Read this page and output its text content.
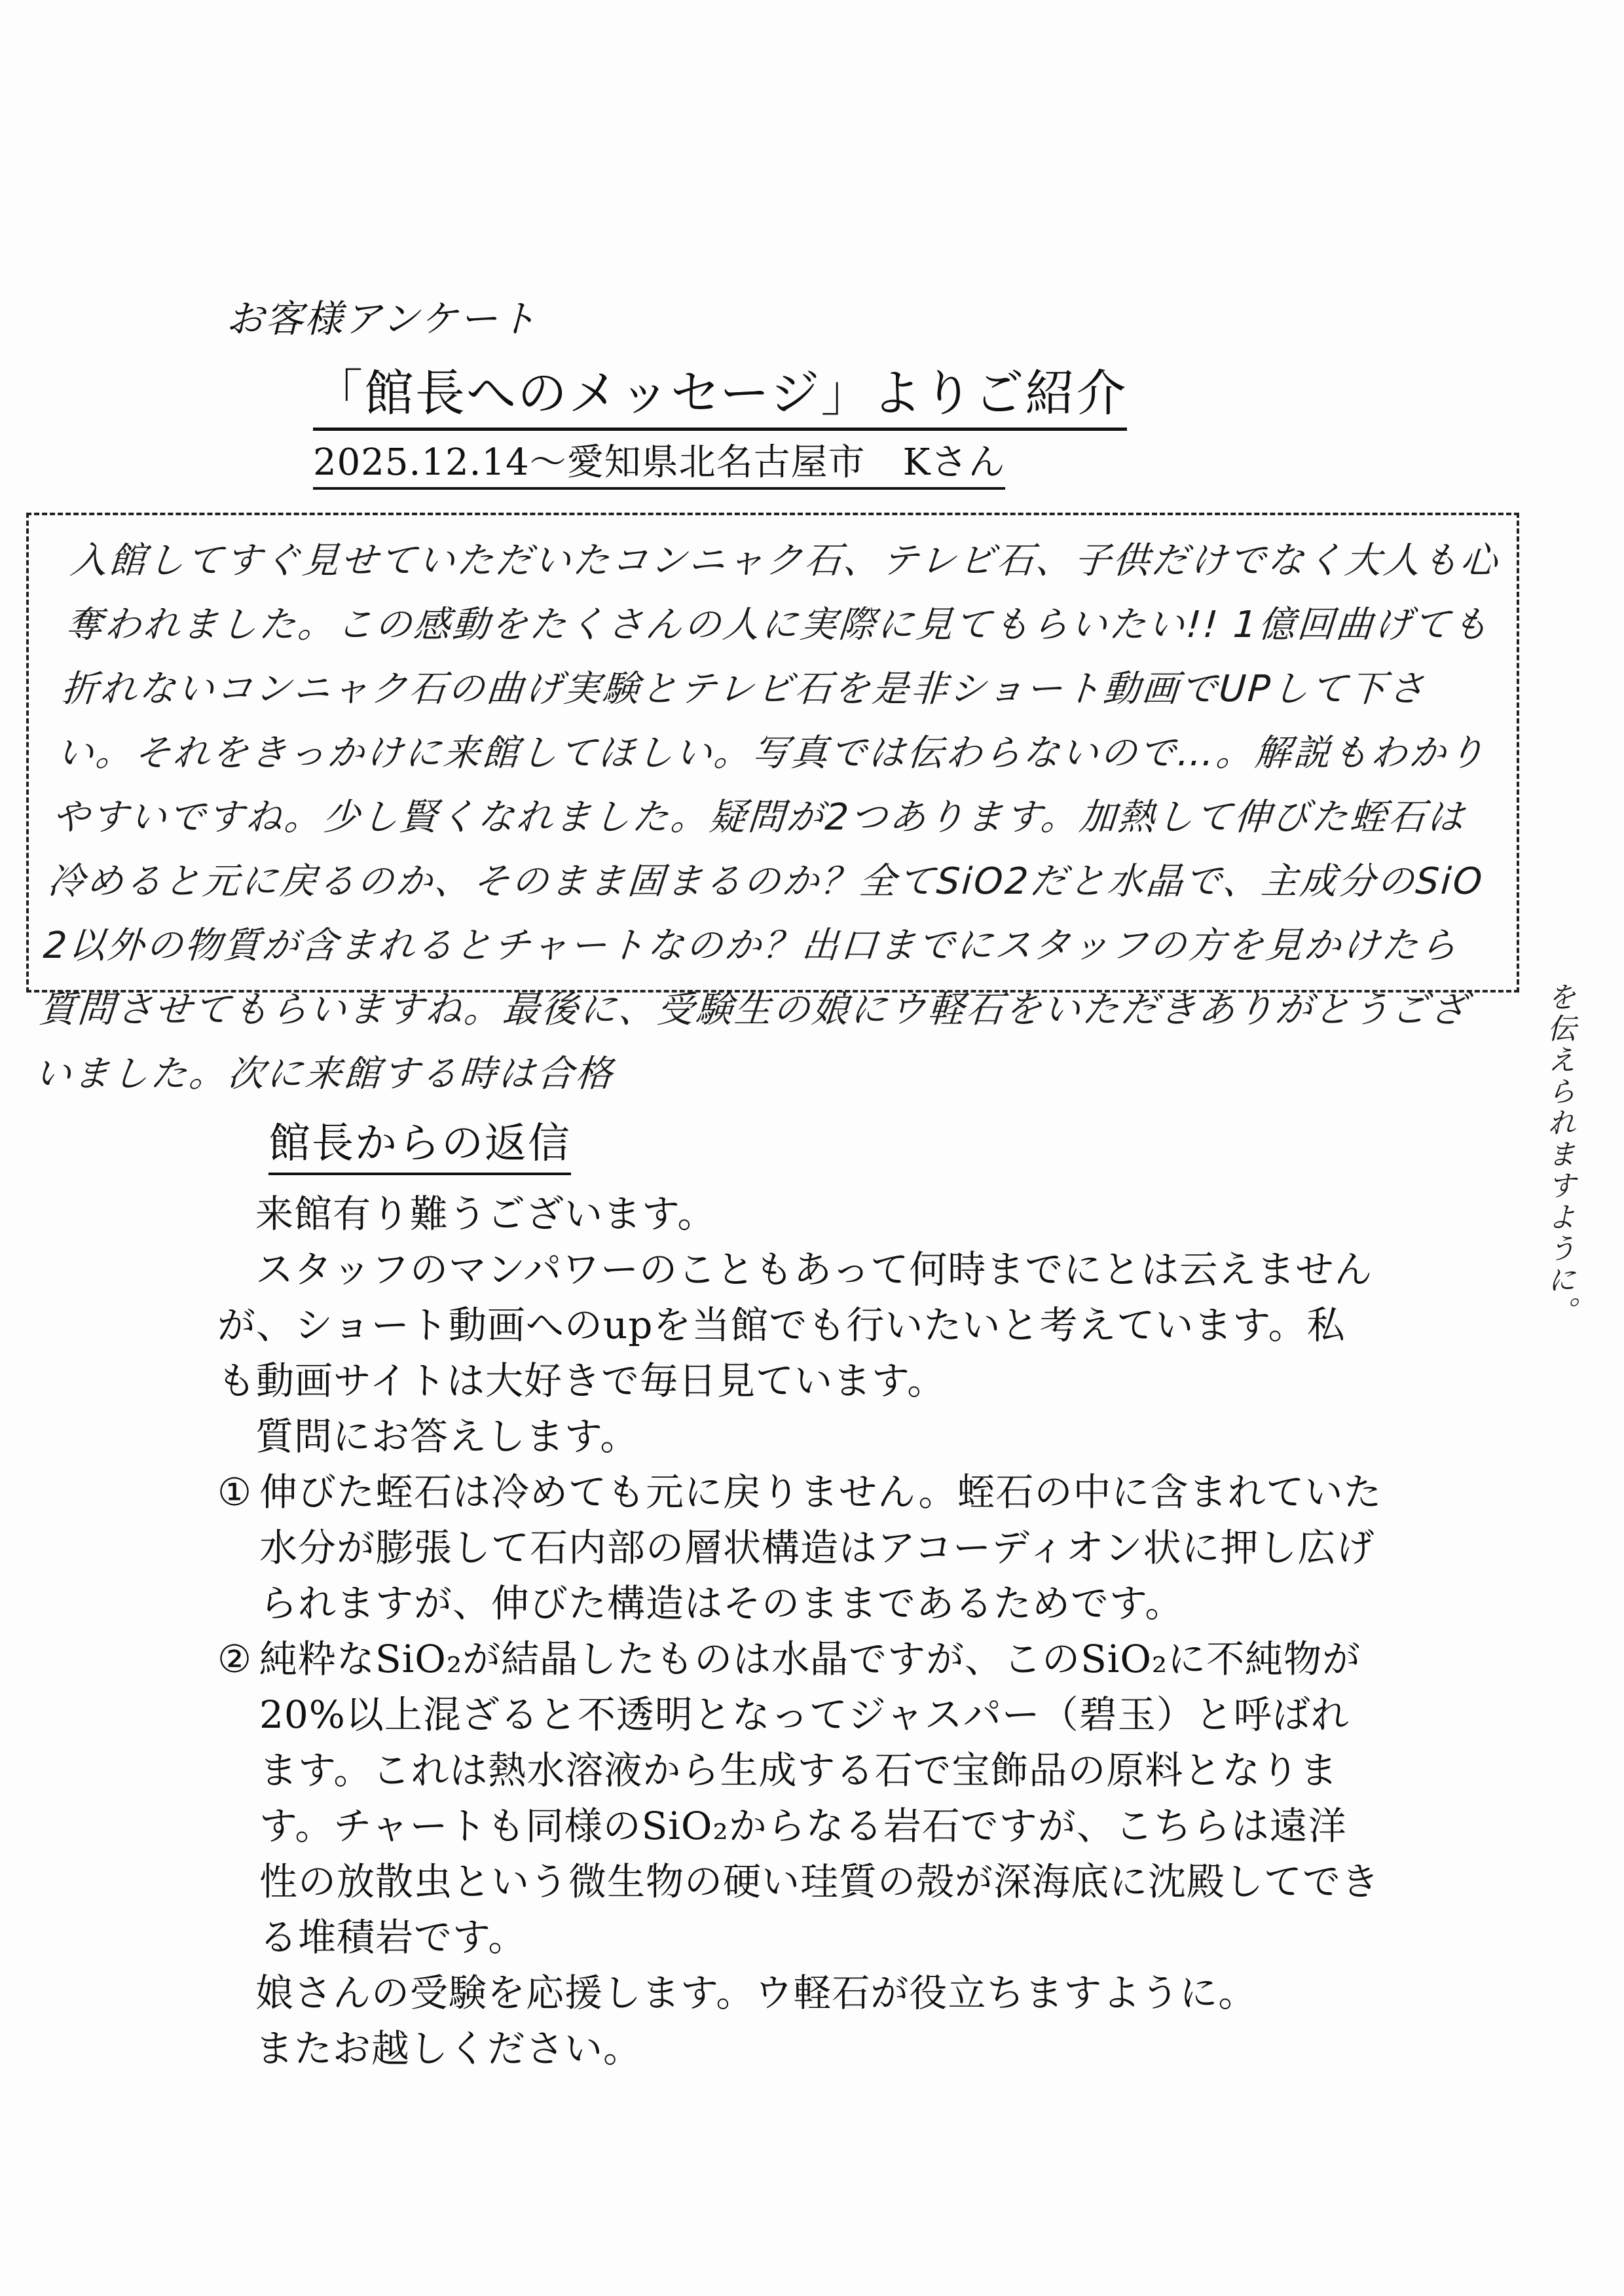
お客様アンケート
「館長へのメッセージ」よりご紹介
2025.12.14～愛知県北名古屋市　Kさん
入館してすぐ見せていただいたコンニャク石、テレビ石、子供だけでなく大人も心奪われました。この感動をたくさんの人に実際に見てもらいたい!! 1億回曲げても折れないコンニャク石の曲げ実験とテレビ石を是非ショート動画でUPして下さい。それをきっかけに来館してほしい。写真では伝わらないので…。解説もわかりやすいですね。少し賢くなれました。疑問が2つあります。加熱して伸びた蛭石は冷めると元に戻るのか、そのまま固まるのか？全てSiO2だと水晶で、主成分のSiO2以外の物質が含まれるとチャートなのか？出口までにスタッフの方を見かけたら質問させてもらいますね。最後に、受験生の娘にウ軽石をいただきありがとうございました。次に来館する時は合格	を伝えられますように。
館長からの返信

来館有り難うございます。

スタッフのマンパワーのこともあって何時までにとは云えませんが、ショート動画へのupを当館でも行いたいと考えています。私も動画サイトは大好きで毎日見ています。

質問にお答えします。

① 伸びた蛭石は冷めても元に戻りません。蛭石の中に含まれていた水分が膨張して石内部の層状構造はアコーディオン状に押し広げられますが、伸びた構造はそのままであるためです。

② 純粋なSiO₂が結晶したものは水晶ですが、このSiO₂に不純物が20%以上混ざると不透明となってジャスパー（碧玉）と呼ばれます。これは熱水溶液から生成する石で宝飾品の原料となります。チャートも同様のSiO₂からなる岩石ですが、こちらは遠洋性の放散虫という微生物の硬い珪質の殻が深海底に沈殿してできる堆積岩です。

娘さんの受験を応援します。ウ軽石が役立ちますように。

またお越しください。
